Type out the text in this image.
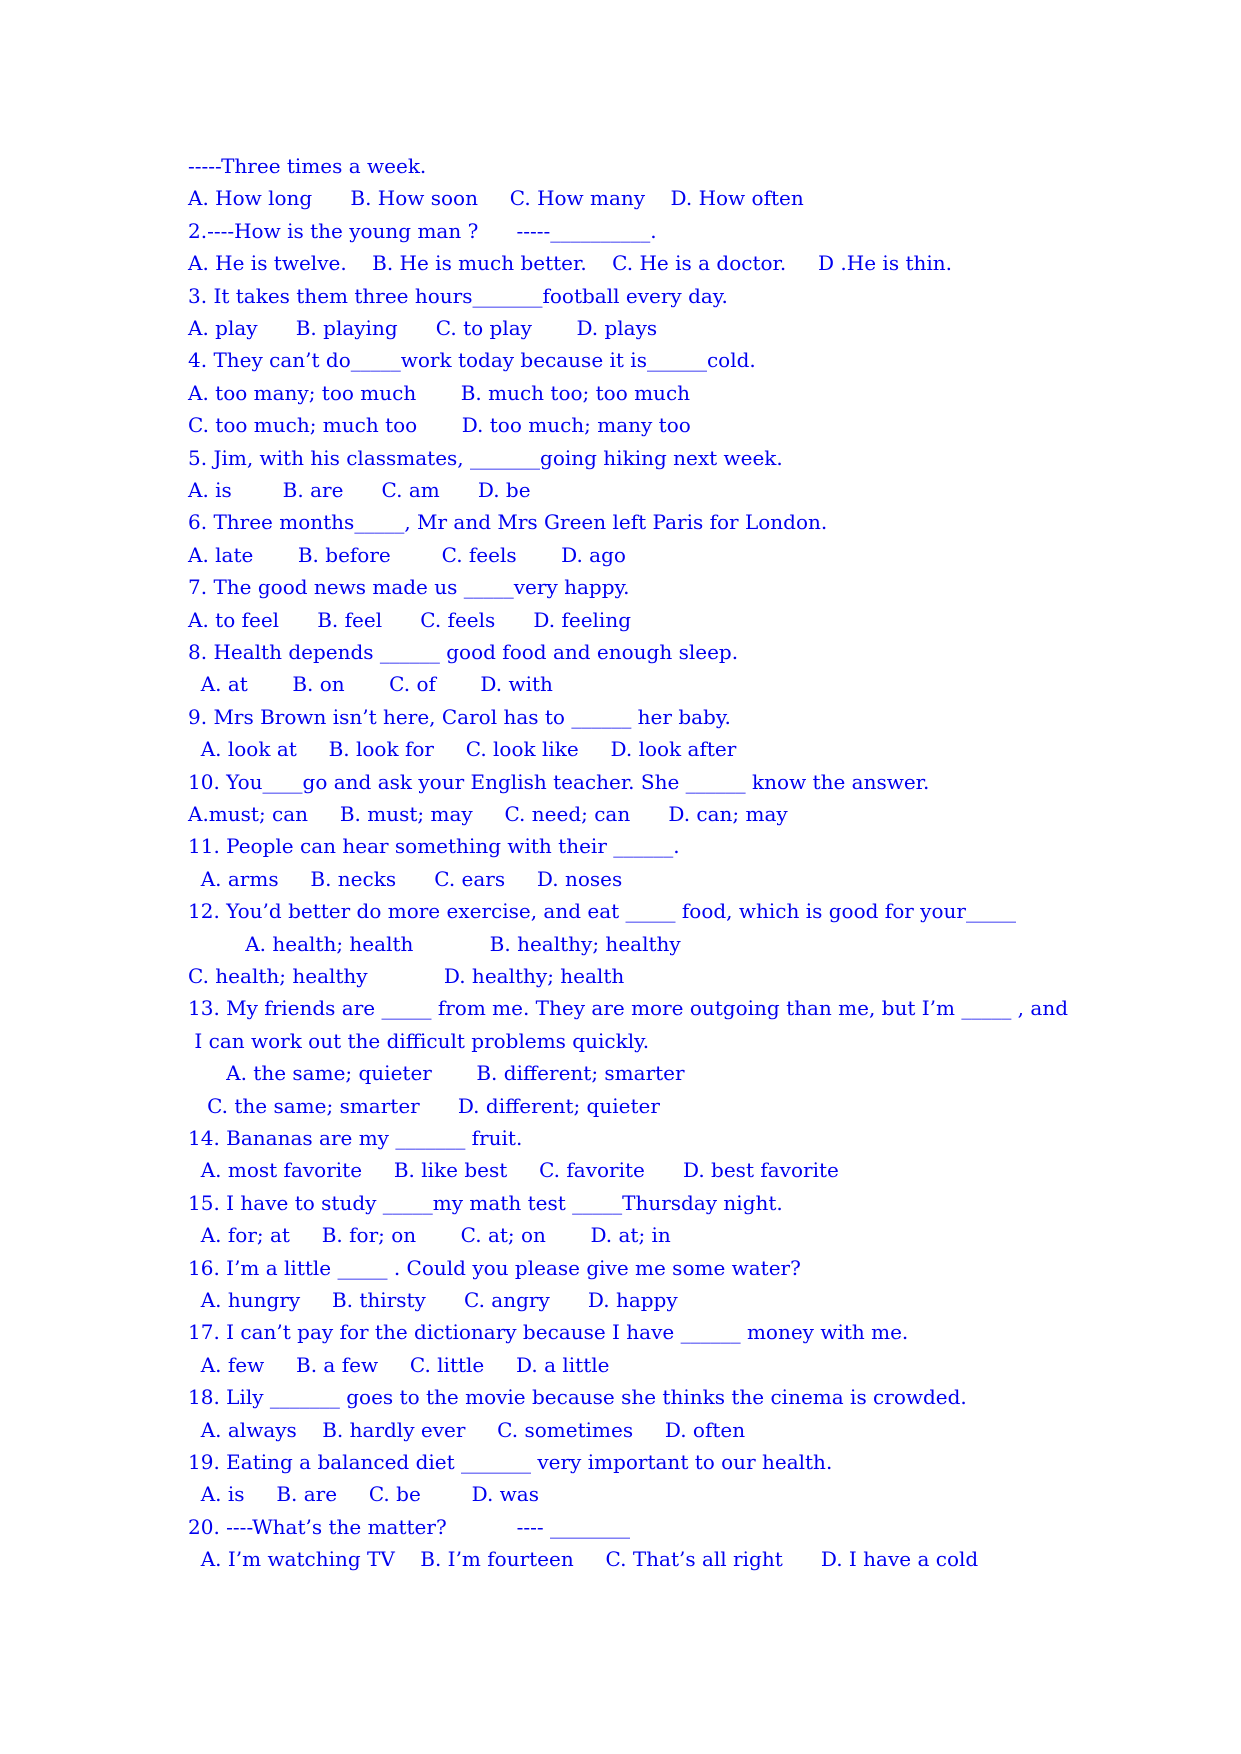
-----Three times a week.
A. How long      B. How soon     C. How many    D. How often
2.----How is the young man ?      -----__________.
A. He is twelve.    B. He is much better.    C. He is a doctor.     D .He is thin.
3. It takes them three hours_______football every day.
A. play      B. playing      C. to play       D. plays
4. They can’t do_____work today because it is______cold.
A. too many; too much       B. much too; too much
C. too much; much too       D. too much; many too
5. Jim, with his classmates, _______going hiking next week.
A. is        B. are      C. am      D. be
6. Three months_____, Mr and Mrs Green left Paris for London.
A. late       B. before        C. feels       D. ago
7. The good news made us _____very happy.
A. to feel      B. feel      C. feels      D. feeling
8. Health depends ______ good food and enough sleep.
A. at       B. on       C. of       D. with
9. Mrs Brown isn’t here, Carol has to ______ her baby.
A. look at     B. look for     C. look like     D. look after
10. You____go and ask your English teacher. She ______ know the answer.
A.must; can     B. must; may     C. need; can      D. can; may
11. People can hear something with their ______.
A. arms     B. necks      C. ears     D. noses
12. You’d better do more exercise, and eat _____ food, which is good for your_____
A. health; health            B. healthy; healthy
C. health; healthy            D. healthy; health
13. My friends are _____ from me. They are more outgoing than me, but I’m _____ , and
I can work out the difficult problems quickly.
A. the same; quieter       B. different; smarter
C. the same; smarter      D. different; quieter
14. Bananas are my _______ fruit.
A. most favorite     B. like best     C. favorite      D. best favorite
15. I have to study _____my math test _____Thursday night.
A. for; at     B. for; on       C. at; on       D. at; in
16. I’m a little _____ . Could you please give me some water?
A. hungry     B. thirsty      C. angry      D. happy
17. I can’t pay for the dictionary because I have ______ money with me.
A. few     B. a few     C. little     D. a little
18. Lily _______ goes to the movie because she thinks the cinema is crowded.
A. always    B. hardly ever     C. sometimes     D. often
19. Eating a balanced diet _______ very important to our health.
A. is     B. are     C. be        D. was
20. ----What’s the matter?           ---- ________
A. I’m watching TV    B. I’m fourteen     C. That’s all right      D. I have a cold
